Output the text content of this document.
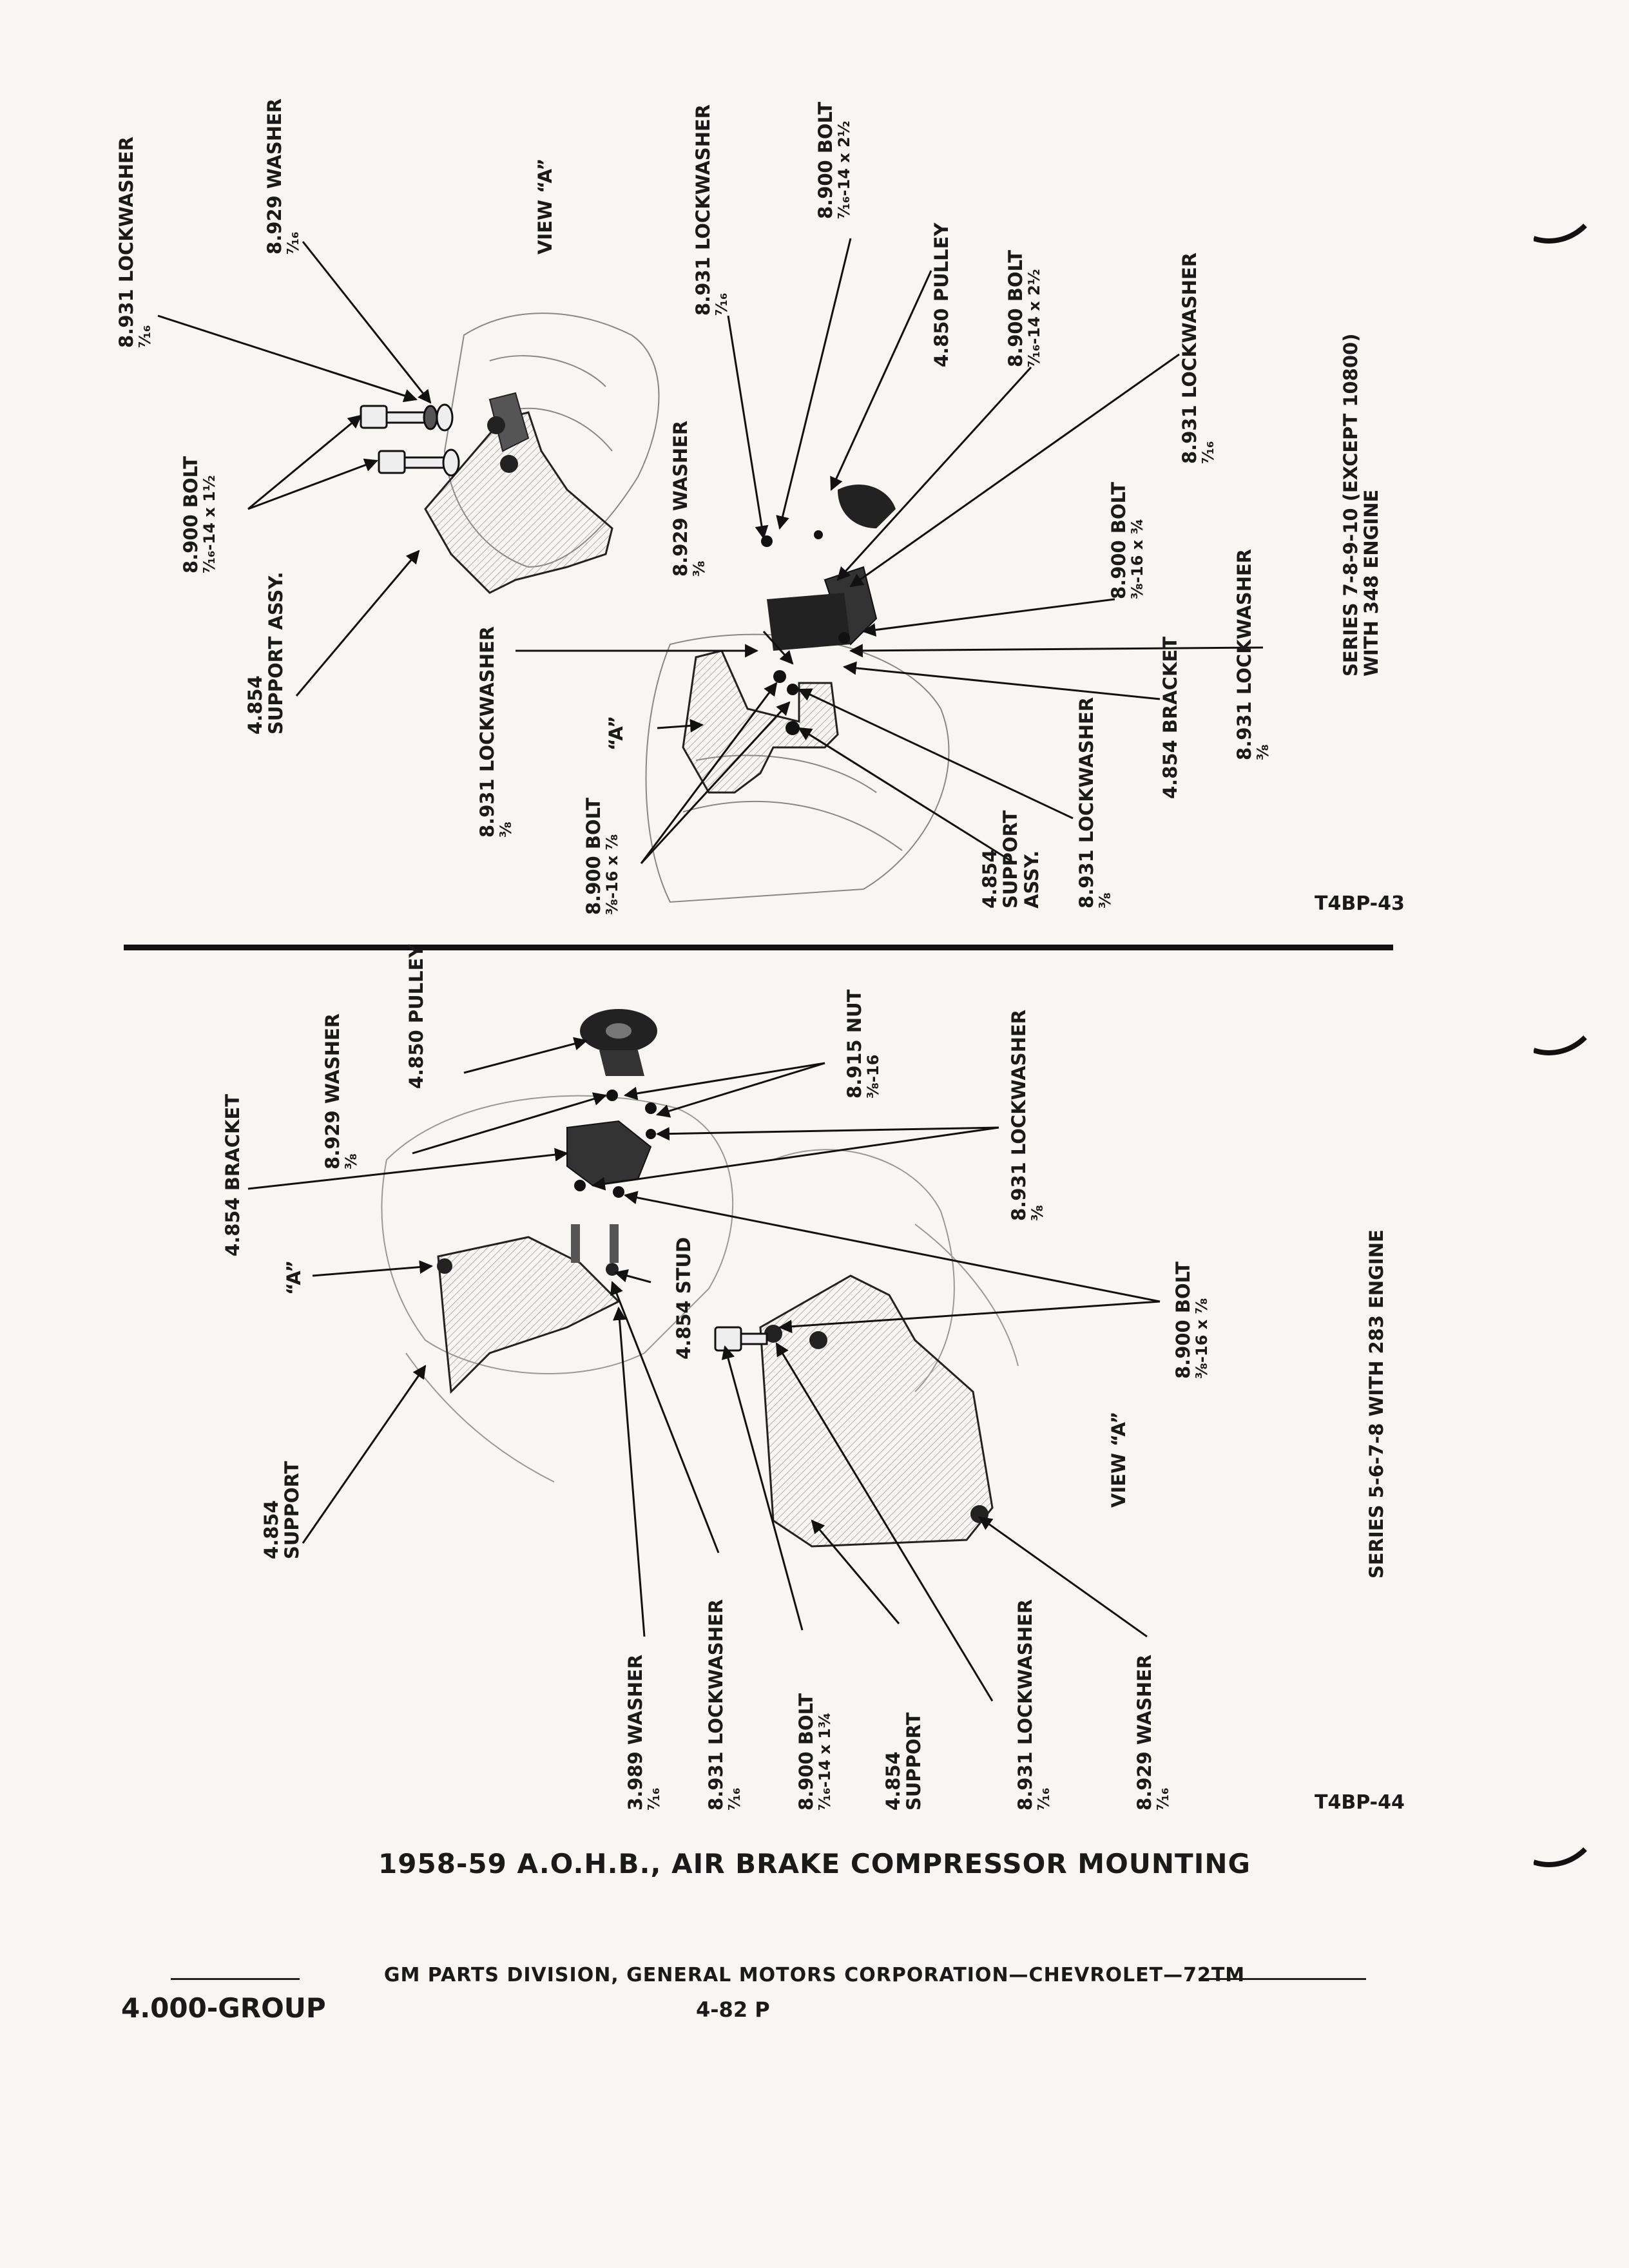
8.931 LOCKWASHER
⁷⁄₁₆
8.929 WASHER
⁷⁄₁₆
8.900 BOLT
⁷⁄₁₆-14 x 1½
4.854
SUPPORT ASSY.
VIEW “A”	8.931 LOCKWASHER
⁷⁄₁₆
8.900 BOLT
⁷⁄₁₆-14 x 2½
4.850 PULLEY	8.900 BOLT
⁷⁄₁₆-14 x 2½	8.931 LOCKWASHER
⁷⁄₁₆
8.929 WASHER
³⁄₈	8.900 BOLT
³⁄₈-16 x ¾	8.931 LOCKWASHER
³⁄₈
SERIES 7-8-9-10 (EXCEPT 10800)
WITH 348 ENGINE
8.931 LOCKWASHER
³⁄₈
“A”
8.900 BOLT
³⁄₈-16 x ⁷⁄₈	4.854
SUPPORT
ASSY. 8.931 LOCKWASHER
³⁄₈
4.854 BRACKET
T4BP-43
4.854 BRACKET
8.929 WASHER
³⁄₈
4.850 PULLEY	8.915 NUT
³⁄₈-16	8.931 LOCKWASHER
³⁄₈
“A”	4.854 STUD	8.900 BOLT
³⁄₈-16 x ⁷⁄₈
VIEW “A”
4.854
SUPPORT	SERIES 5-6-7-8 WITH 283 ENGINE
3.989 WASHER
⁷⁄₁₆ 8.931 LOCKWASHER
⁷⁄₁₆	8.900 BOLT
⁷⁄₁₆-14 x 1¾	4.854
SUPPORT	8.931 LOCKWASHER
⁷⁄₁₆	8.929 WASHER
⁷⁄₁₆	T4BP-44
1958-59 A.O.H.B., AIR BRAKE COMPRESSOR MOUNTING
GM PARTS DIVISION, GENERAL MOTORS CORPORATION—CHEVROLET—72TM
4.000-GROUP	4-82 P
